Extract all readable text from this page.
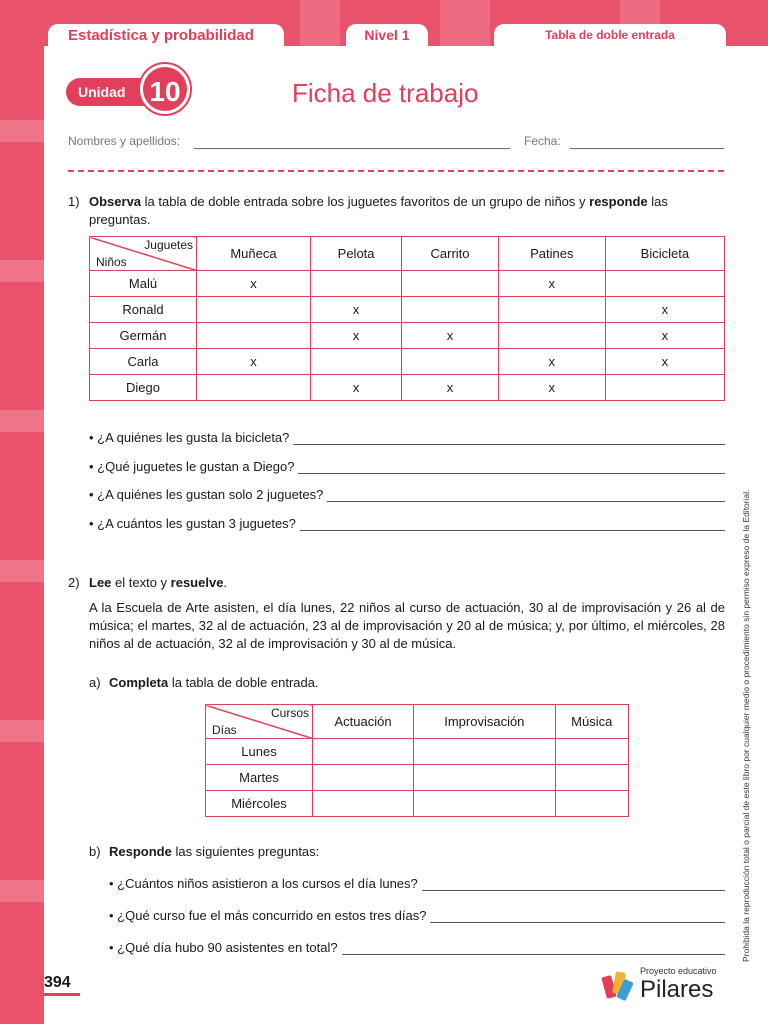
Estadística y probabilidad	Nivel 1	Tabla de doble entrada
Unidad 10	Ficha de trabajo
Nombres y apellidos:	Fecha:
1) Observa la tabla de doble entrada sobre los juguetes favoritos de un grupo de niños y responde las preguntas.
Juguetes
Niños	Muñeca	Pelota	Carrito	Patines	Bicicleta
Malú	x			x	
Ronald		x			x
Germán		x	x		x
Carla	x			x	x
Diego		x	x	x	
• ¿A quiénes les gusta la bicicleta?
• ¿Qué juguetes le gustan a Diego?
• ¿A quiénes les gustan solo 2 juguetes?
• ¿A cuántos les gustan 3 juguetes?
2) Lee el texto y resuelve.
A la Escuela de Arte asisten, el día lunes, 22 niños al curso de actuación, 30 al de improvisación y 26 al de música; el martes, 32 al de actuación, 23 al de improvisación y 20 al de música; y, por último, el miércoles, 28 niños al de actuación, 32 al de improvisación y 30 al de música.
a) Completa la tabla de doble entrada.
Cursos
Días	Actuación	Improvisación	Música
Lunes			
Martes			
Miércoles			
b) Responde las siguientes preguntas:
• ¿Cuántos niños asistieron a los cursos el día lunes?
• ¿Qué curso fue el más concurrido en estos tres días?
• ¿Qué día hubo 90 asistentes en total?	Prohibida la reproducción total o parcial de este libro por cualquier medio o procedimiento sin permiso expreso de la Editorial.
394
Proyecto educativo
Pilares
